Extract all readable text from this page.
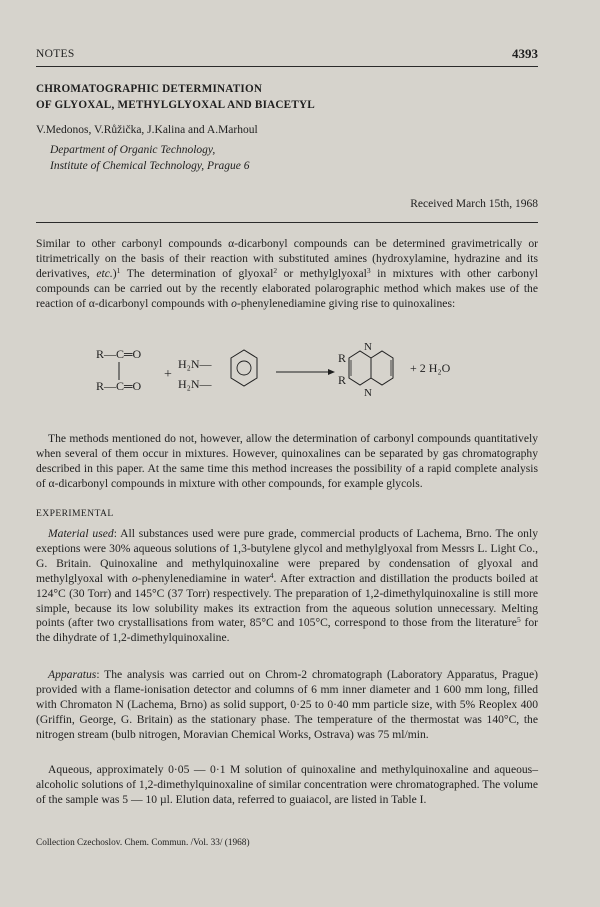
NOTES	4393
CHROMATOGRAPHIC DETERMINATION
OF GLYOXAL, METHYLGLYOXAL AND BIACETYL
V.Medonos, V.Růžička, J.Kalina and A.Marhoul
Department of Organic Technology,
Institute of Chemical Technology, Prague 6
Received March 15th, 1968

Similar to other carbonyl compounds α-dicarbonyl compounds can be determined gravimetrically or titrimetrically on the basis of their reaction with substituted amines (hydroxylamine, hydrazine and its derivatives, etc.)$^1$ The determination of glyoxal$^2$ or methylglyoxal$^3$ in mixtures with other carbonyl compounds can be carried out by the recently elaborated polarographic method which makes use of the reaction of α-dicarbonyl compounds with o-phenylenediamine giving rise to quinoxalines:

R—C═O
R—C═O
+
H₂N—
H₂N—
R
R
N
N
+ 2 H₂O

The methods mentioned do not, however, allow the determination of carbonyl compounds quantitatively when several of them occur in mixtures. However, quinoxalines can be separated by gas chromatography described in this paper. At the same time this method increases the possibility of a rapid complete analysis of α-dicarbonyl compounds in mixture with other compounds, for example glycols.

EXPERIMENTAL

Material used: All substances used were pure grade, commercial products of Lachema, Brno. The only exeptions were 30% aqueous solutions of 1,3-butylene glycol and methylglyoxal from Messrs L. Light Co., G. Britain. Quinoxaline and methylquinoxaline were prepared by condensation of glyoxal and methylglyoxal with o-phenylenediamine in water$^4$. After extraction and distillation the products boiled at 124°C (30 Torr) and 145°C (37 Torr) respectively. The preparation of 1,2-dimethylquinoxaline is still more simple, because its low solubility makes its extraction from the aqueous solution unnecessary. Melting points (after two crystallisations from water, 85°C and 105°C, correspond to those from the literature$^5$ for the dihydrate of 1,2-dimethylquinoxaline.

Apparatus: The analysis was carried out on Chrom-2 chromatograph (Laboratory Apparatus, Prague) provided with a flame-ionisation detector and columns of 6 mm inner diameter and 1 600 mm long, filled with Chromaton N (Lachema, Brno) as solid support, 0·25 to 0·40 mm particle size, with 5% Reoplex 400 (Griffin, George, G. Britain) as the stationary phase. The temperature of the thermostat was 140°C, the nitrogen stream (bulb nitrogen, Moravian Chemical Works, Ostrava) was 75 ml/min.

Aqueous, approximately 0·05 — 0·1 M solution of quinoxaline and methylquinoxaline and aqueous–alcoholic solutions of 1,2-dimethylquinoxaline of similar concentration were chromatographed. The volume of the sample was 5 — 10 µl. Elution data, referred to guaiacol, are listed in Table I.

Collection Czechoslov. Chem. Commun. /Vol. 33/ (1968)
